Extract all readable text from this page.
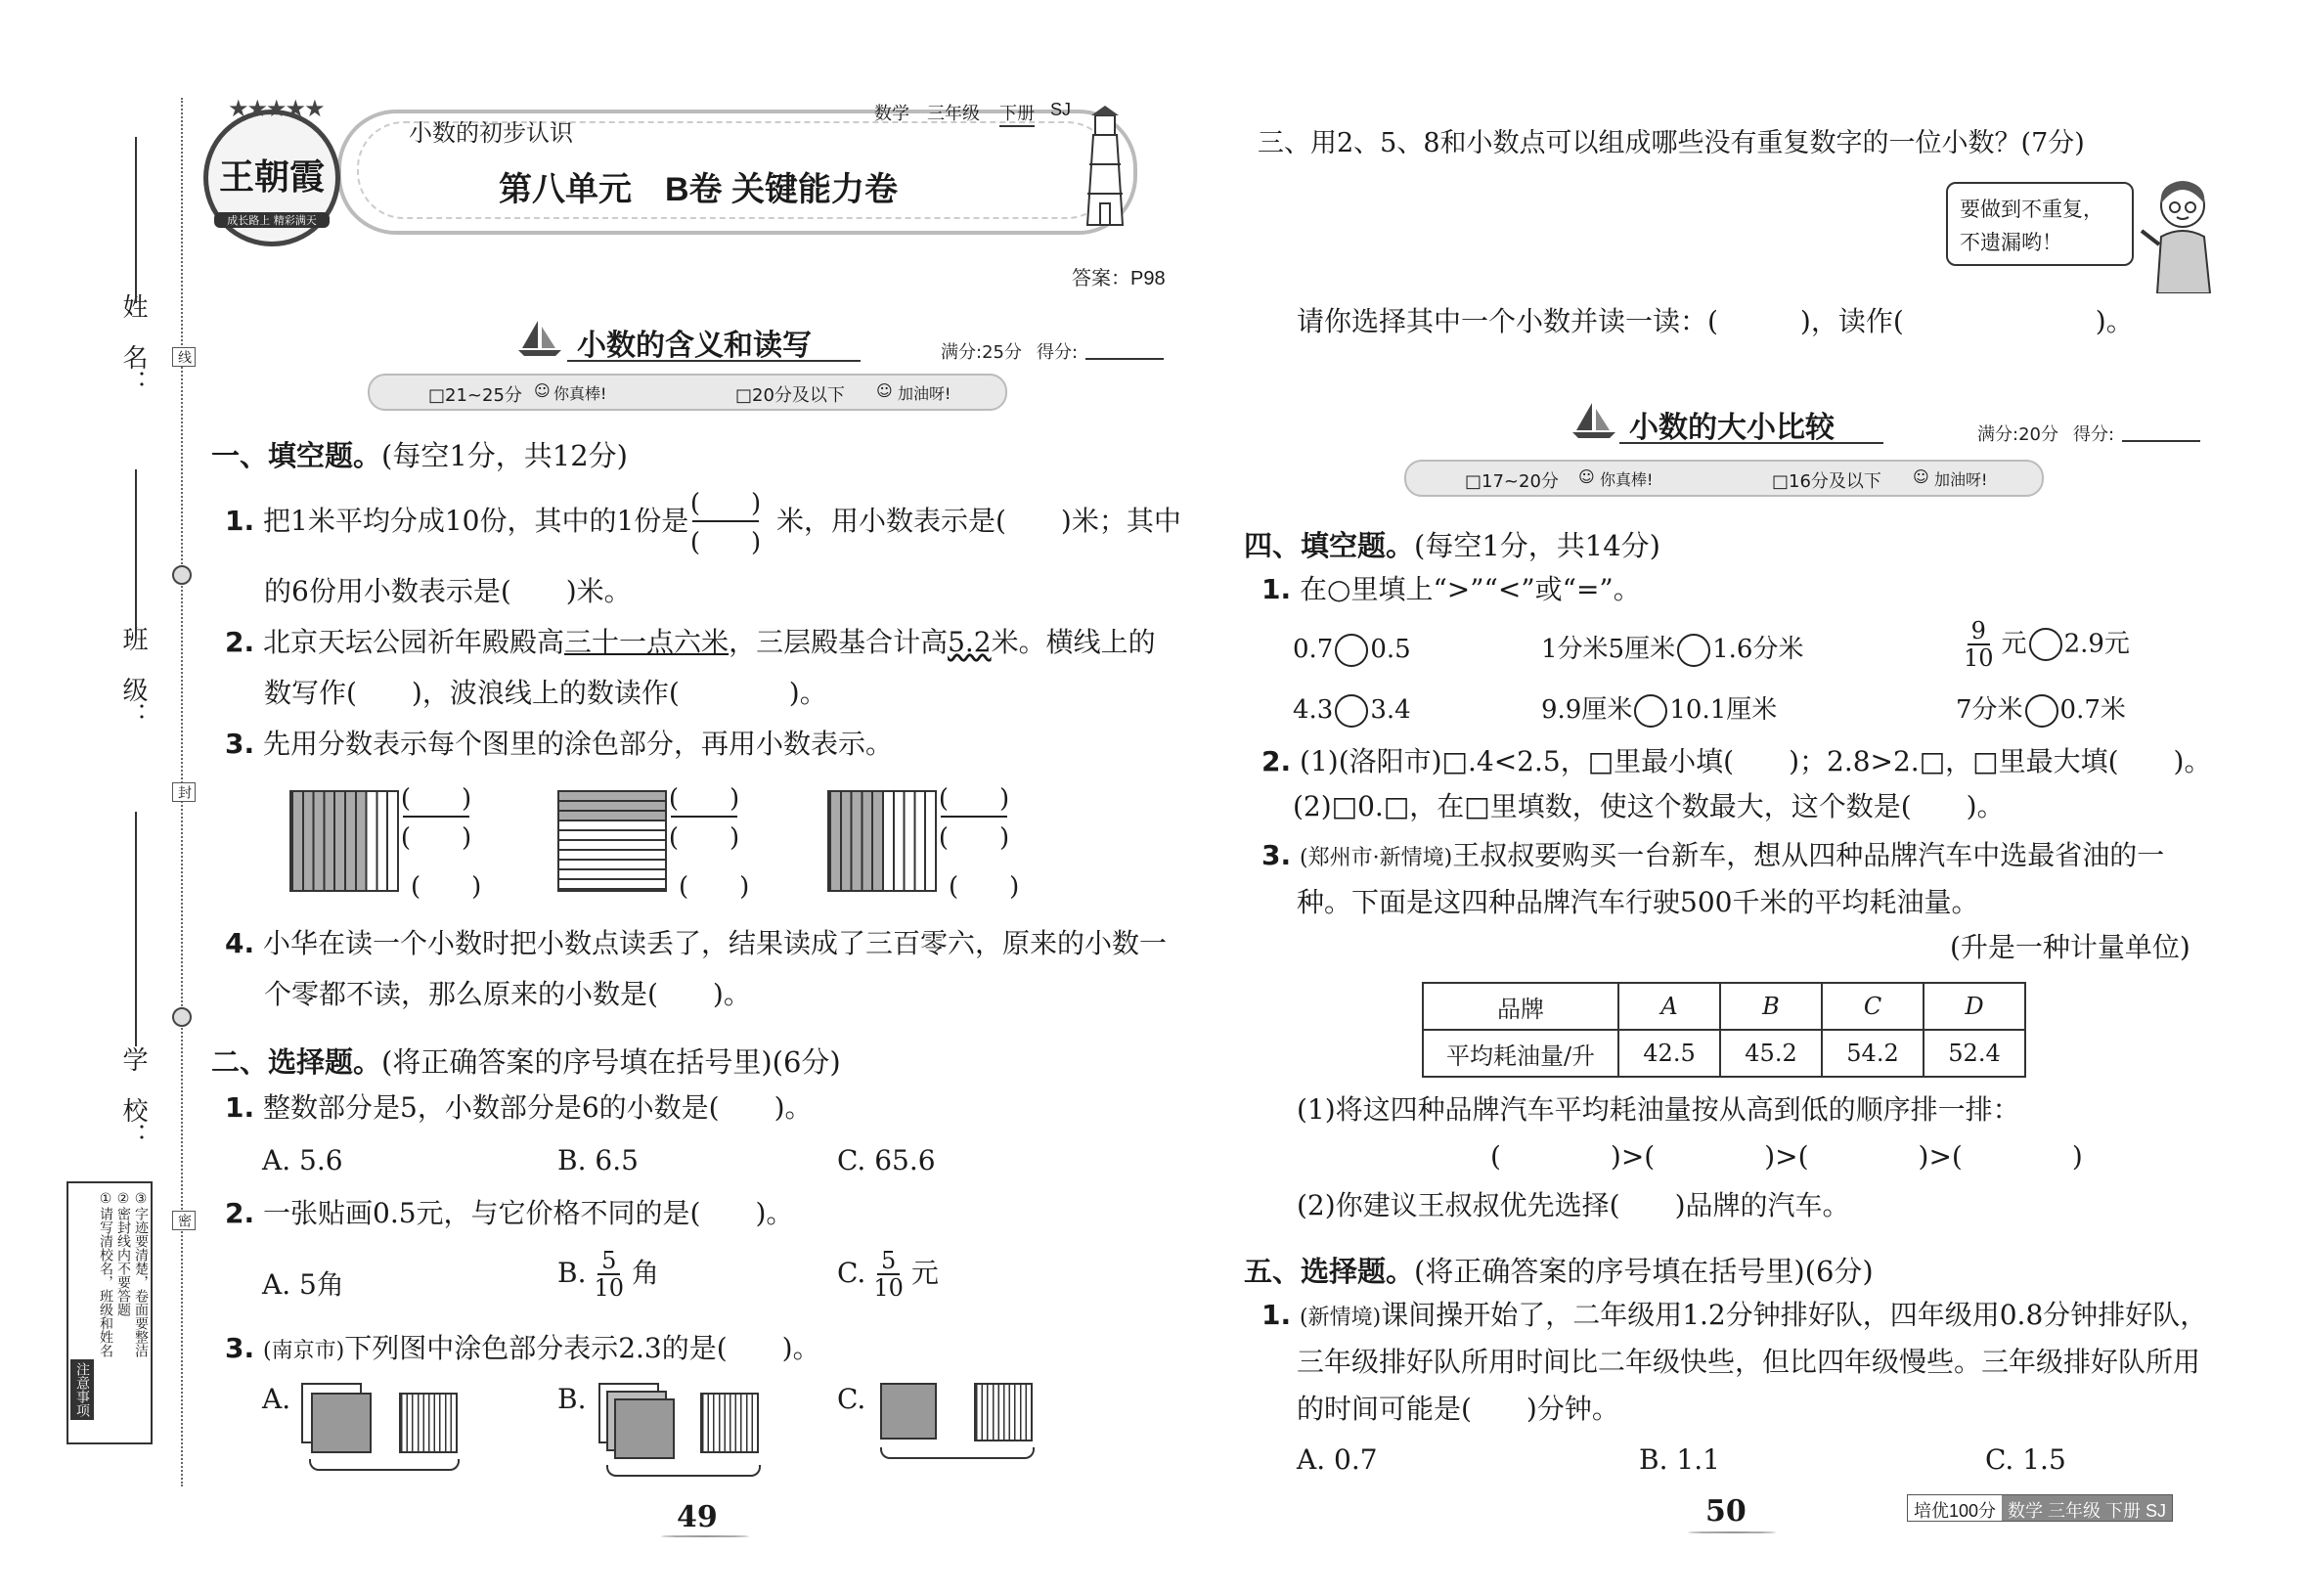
姓　名：
班　级：
学　校：
线
封
密
注意事项
①请写清校名，班级和姓名 ②密封线内不要答题 ③字迹要清楚，卷面要整洁
★★★★★
王朝霞
成长路上 精彩满天
小数的初步认识
数学 三年级 下册 SJ
第八单元　B卷 关键能力卷
答案：P98
小数的含义和读写	满分:25分 得分:
□21~25分 你真棒!
☺	□20分及以下 ☺ 加油呀!
一、填空题。(每空1分，共12分)
1. 把1米平均分成10份，其中的1份是
(　　)
(　　)
米，用小数表示是(　　)米；其中
的6份用小数表示是(　　)米。
2. 北京天坛公园祈年殿殿高三十一点六米，三层殿基合计高5.2米。横线上的
数写作(　　)，波浪线上的数读作(　　　　)。
3. 先用分数表示每个图里的涂色部分，再用小数表示。
(　　)
(　　)
(　　)
(　　)
(　　)
(　　)
(　　)
(　　)
(　　)
4. 小华在读一个小数时把小数点读丢了，结果读成了三百零六，原来的小数一
个零都不读，那么原来的小数是(　　)。
二、选择题。(将正确答案的序号填在括号里)(6分)
1. 整数部分是5，小数部分是6的小数是(　　)。
A. 5.6	B. 6.5	C. 65.6
2. 一张贴画0.5元，与它价格不同的是(　　)。
A. 5角	B. $\frac{5}{10}$ 角	C. $\frac{5}{10}$ 元
3. (南京市)下列图中涂色部分表示2.3的是(　　)。
A.	B.	C.
49
三、用2、5、8和小数点可以组成哪些没有重复数字的一位小数？(7分)
要做到不重复，
不遗漏哟！
请你选择其中一个小数并读一读：(　　　)，读作(　　　　　　　)。
小数的大小比较	满分:20分 得分:
□17~20分 ☺ 你真棒!	□16分及以下 ☺ 加油呀!
四、填空题。(每空1分，共14分)
1. 在○里填上“>”“<”或“=”。
0.7 0.5	1分米5厘米 1.6分米	$\frac{9}{10}$ 元 2.9元
4.3 3.4	9.9厘米 10.1厘米	7分米 0.7米
2. (1)(洛阳市)□.4<2.5，□里最小填(　　)；2.8>2.□，□里最大填(　　)。
(2)□0.□，在□里填数，使这个数最大，这个数是(　　)。
3. (郑州市·新情境)王叔叔要购买一台新车，想从四种品牌汽车中选最省油的一
种。下面是这四种品牌汽车行驶500千米的平均耗油量。
(升是一种计量单位)
品牌	A	B	C	D
平均耗油量/升	42.5	45.2	54.2	52.4
(1)将这四种品牌汽车平均耗油量按从高到低的顺序排一排：
(　　　　)>(　　　　)>(　　　　)>(　　　　)
(2)你建议王叔叔优先选择(　　)品牌的汽车。
五、选择题。(将正确答案的序号填在括号里)(6分)
1. (新情境)课间操开始了，二年级用1.2分钟排好队，四年级用0.8分钟排好队，
三年级排好队所用时间比二年级快些，但比四年级慢些。三年级排好队所用
的时间可能是(　　)分钟。
A. 0.7	B. 1.1	C. 1.5
50	培优100分 数学 三年级 下册 SJ
